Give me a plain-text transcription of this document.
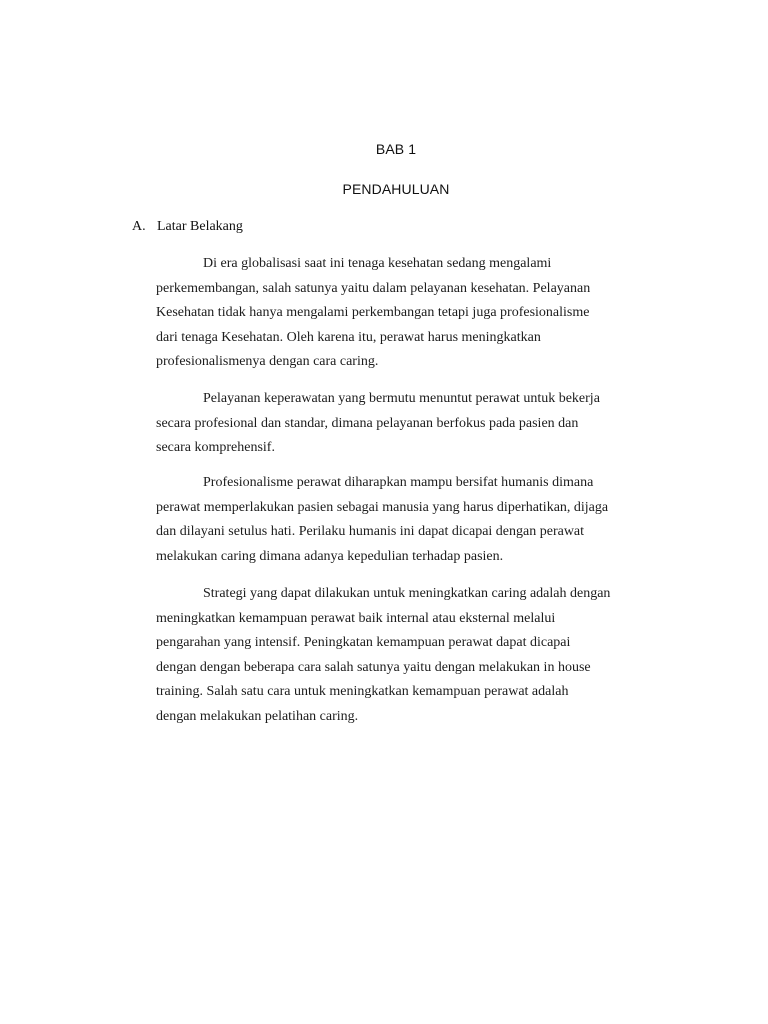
BAB 1
PENDAHULUAN
A. Latar Belakang

Di era globalisasi saat ini tenaga kesehatan sedang mengalami
perkemembangan, salah satunya yaitu dalam pelayanan kesehatan. Pelayanan
Kesehatan tidak hanya mengalami perkembangan tetapi juga profesionalisme
dari tenaga Kesehatan. Oleh karena itu, perawat harus meningkatkan
profesionalismenya dengan cara caring.

Pelayanan keperawatan yang bermutu menuntut perawat untuk bekerja
secara profesional dan standar, dimana pelayanan berfokus pada pasien dan
secara komprehensif.

Profesionalisme perawat diharapkan mampu bersifat humanis dimana
perawat memperlakukan pasien sebagai manusia yang harus diperhatikan, dijaga
dan dilayani setulus hati. Perilaku humanis ini dapat dicapai dengan perawat
melakukan caring dimana adanya kepedulian terhadap pasien.

Strategi yang dapat dilakukan untuk meningkatkan caring adalah dengan
meningkatkan kemampuan perawat baik internal atau eksternal melalui
pengarahan yang intensif. Peningkatan kemampuan perawat dapat dicapai
dengan dengan beberapa cara salah satunya yaitu dengan melakukan in house
training. Salah satu cara untuk meningkatkan kemampuan perawat adalah
dengan melakukan pelatihan caring.
